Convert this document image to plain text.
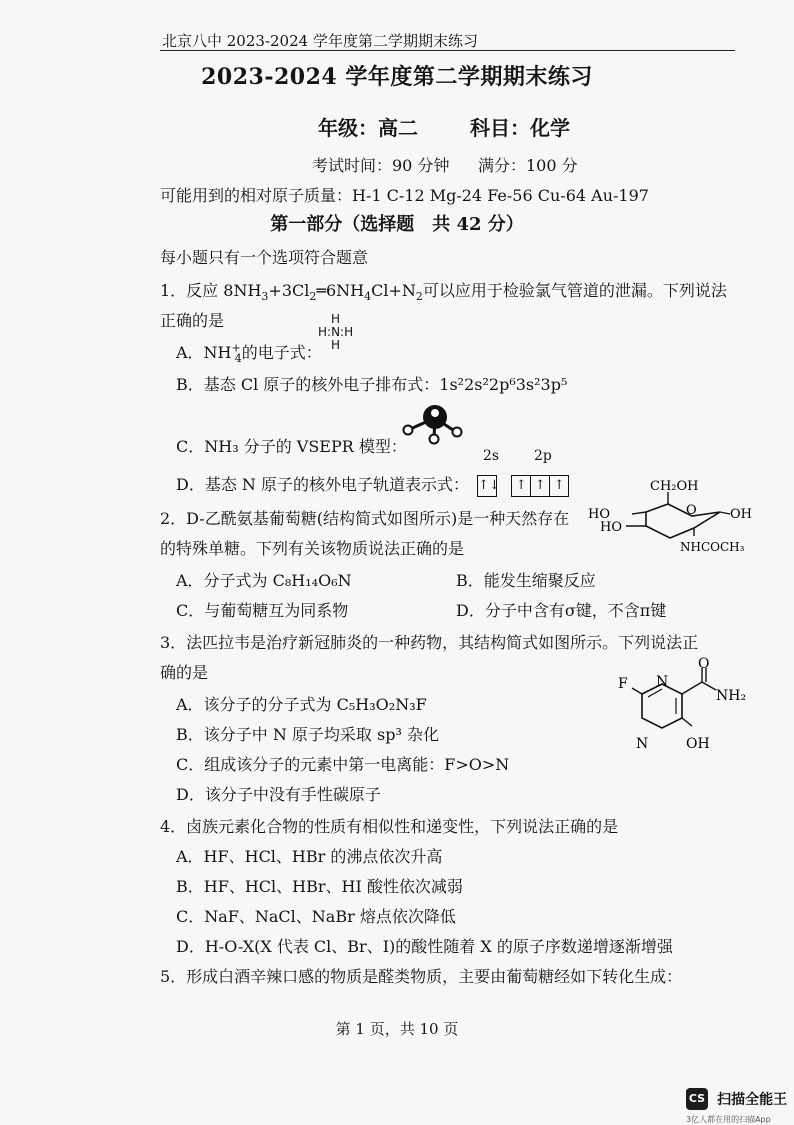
北京八中 2023-2024 学年度第二学期期末练习
2023-2024 学年度第二学期期末练习
年级：高二	科目：化学
考试时间：90 分钟 满分：100 分
可能用到的相对原子质量：H-1 C-12 Mg-24 Fe-56 Cu-64 Au-197
第一部分（选择题　共 42 分）
每小题只有一个选项符合题意
1．反应 $8NH_3+3Cl_2═6NH_4Cl+N_2$可以应用于检验氯气管道的泄漏。下列说法
正确的是
A．$NH^+_4$的电子式：
H
H:N:H
H
B．基态 Cl 原子的核外电子排布式：1s²2s²2p⁶3s²3p⁵
C．NH₃ 分子的 VSEPR 模型：	2s 2p
D．基态 N 原子的核外电子轨道表示式： ↑↓ ↑ ↑ ↑
2．D-乙酰氨基葡萄糖(结构简式如图所示)是一种天然存在
的特殊单糖。下列有关该物质说法正确的是
CH₂OH
O
HO
HO
OH
NHCOCH₃
A．分子式为 C₈H₁₄O₆N	B．能发生缩聚反应
C．与葡萄糖互为同系物	D．分子中含有σ键，不含π键
3．法匹拉韦是治疗新冠肺炎的一种药物，其结构简式如图所示。下列说法正
确的是	O
F N
NH₂
N	OH
A．该分子的分子式为 C₅H₃O₂N₃F
B．该分子中 N 原子均采取 sp³ 杂化
C．组成该分子的元素中第一电离能：F>O>N
D．该分子中没有手性碳原子
4．卤族元素化合物的性质有相似性和递变性，下列说法正确的是
A．HF、HCl、HBr 的沸点依次升高
B．HF、HCl、HBr、HI 酸性依次减弱
C．NaF、NaCl、NaBr 熔点依次降低
D．H-O-X(X 代表 Cl、Br、I)的酸性随着 X 的原子序数递增逐渐增强
5．形成白酒辛辣口感的物质是醛类物质，主要由葡萄糖经如下转化生成：
第 1 页，共 10 页
CS 扫描全能王
3亿人都在用的扫描App
